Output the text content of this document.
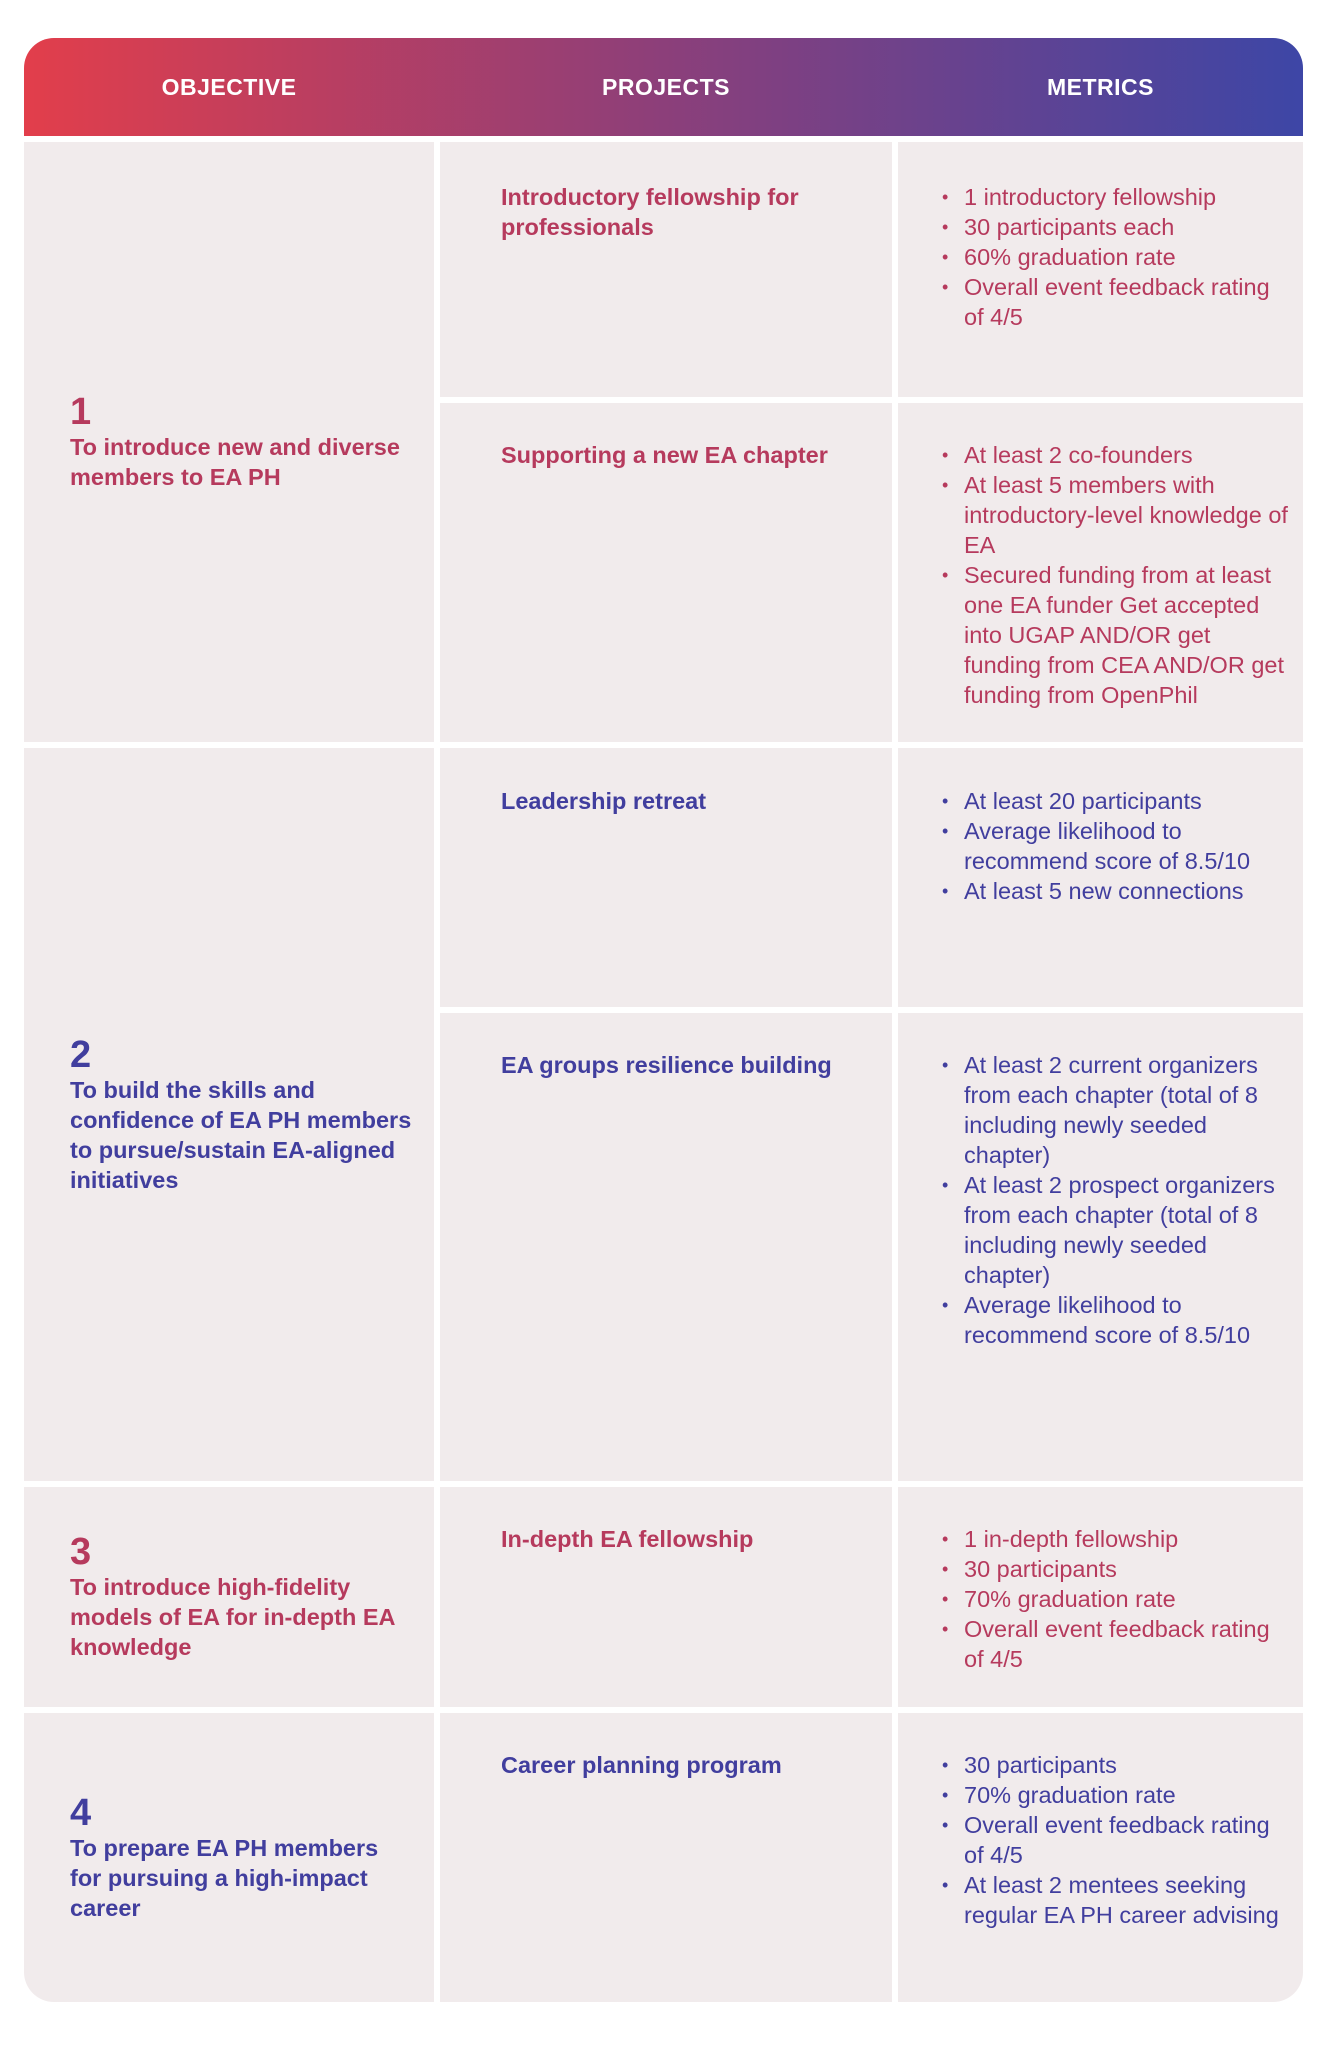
OBJECTIVE	PROJECTS	METRICS
1
To introduce new and diverse members to EA PH
2
To build the skills and confidence of EA PH members to pursue/sustain EA-aligned initiatives
3
To introduce high-fidelity models of EA for in-depth EA knowledge
4
To prepare EA PH members for pursuing a high-impact career
Introductory fellowship for professionals
Supporting a new EA chapter
Leadership retreat
EA groups resilience building
In-depth EA fellowship
Career planning program
• 1 introductory fellowship
• 30 participants each
• 60% graduation rate
• Overall event feedback rating of 4/5
• At least 2 co-founders
• At least 5 members with introductory-level knowledge of EA
• Secured funding from at least one EA funder Get accepted into UGAP AND/OR get funding from CEA AND/OR get funding from OpenPhil
• At least 20 participants
• Average likelihood to recommend score of 8.5/10
• At least 5 new connections
• At least 2 current organizers from each chapter (total of 8 including newly seeded chapter)
• At least 2 prospect organizers from each chapter (total of 8 including newly seeded chapter)
• Average likelihood to recommend score of 8.5/10
• 1 in-depth fellowship
• 30 participants
• 70% graduation rate
• Overall event feedback rating of 4/5
• 30 participants
• 70% graduation rate
• Overall event feedback rating of 4/5
• At least 2 mentees seeking regular EA PH career advising
